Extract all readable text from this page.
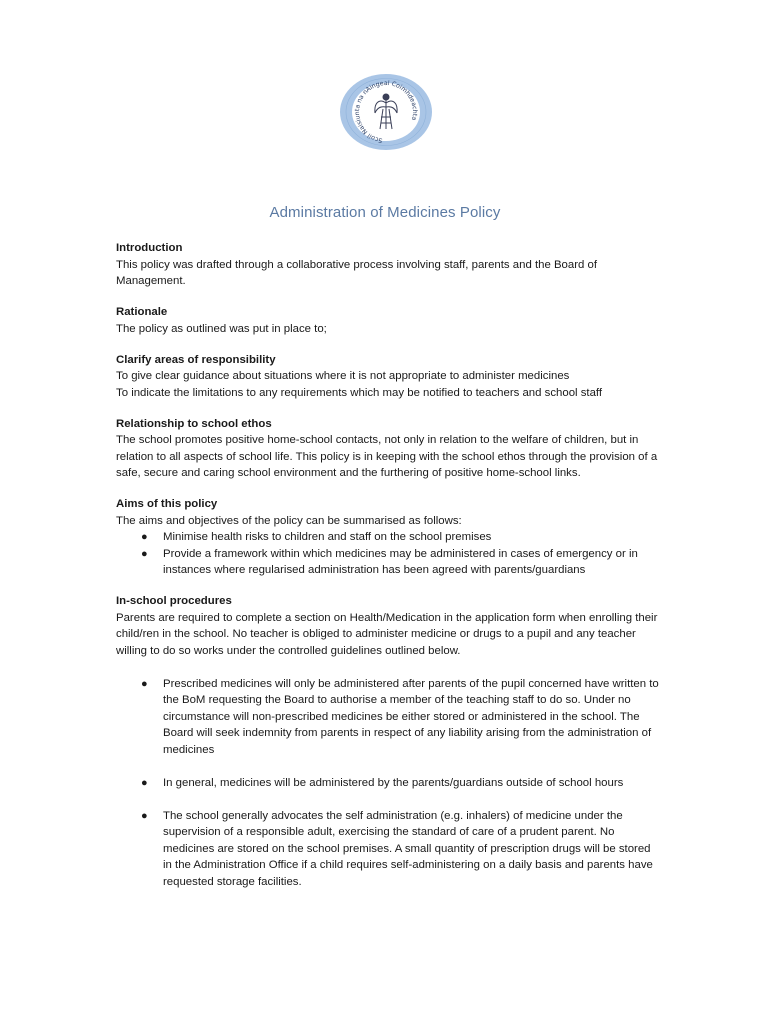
Scoil Naisiunta na nAingeal Coimhdeachta
Administration of Medicines Policy
Introduction

This policy was drafted through a collaborative process involving staff, parents and the Board of Management.

Rationale

The policy as outlined was put in place to;

Clarify areas of responsibility

To give clear guidance about situations where it is not appropriate to administer medicines

To indicate the limitations to any requirements which may be notified to teachers and school staff

Relationship to school ethos

The school promotes positive home-school contacts, not only in relation to the welfare of children, but in relation to all aspects of school life. This policy is in keeping with the school ethos through the provision of a safe, secure and caring school environment and the furthering of positive home-school links.

Aims of this policy

The aims and objectives of the policy can be summarised as follows:

● Minimise health risks to children and staff on the school premises
● Provide a framework within which medicines may be administered in cases of emergency or in instances where regularised administration has been agreed with parents/guardians
In-school procedures

Parents are required to complete a section on Health/Medication in the application form when enrolling their child/ren in the school. No teacher is obliged to administer medicine or drugs to a pupil and any teacher willing to do so works under the controlled guidelines outlined below.

● Prescribed medicines will only be administered after parents of the pupil concerned have written to the BoM requesting the Board to authorise a member of the teaching staff to do so. Under no circumstance will non-prescribed medicines be either stored or administered in the school. The Board will seek indemnity from parents in respect of any liability arising from the administration of medicines
● In general, medicines will be administered by the parents/guardians outside of school hours
● The school generally advocates the self administration (e.g. inhalers) of medicine under the supervision of a responsible adult, exercising the standard of care of a prudent parent. No medicines are stored on the school premises. A small quantity of prescription drugs will be stored in the Administration Office if a child requires self-administering on a daily basis and parents have requested storage facilities.
